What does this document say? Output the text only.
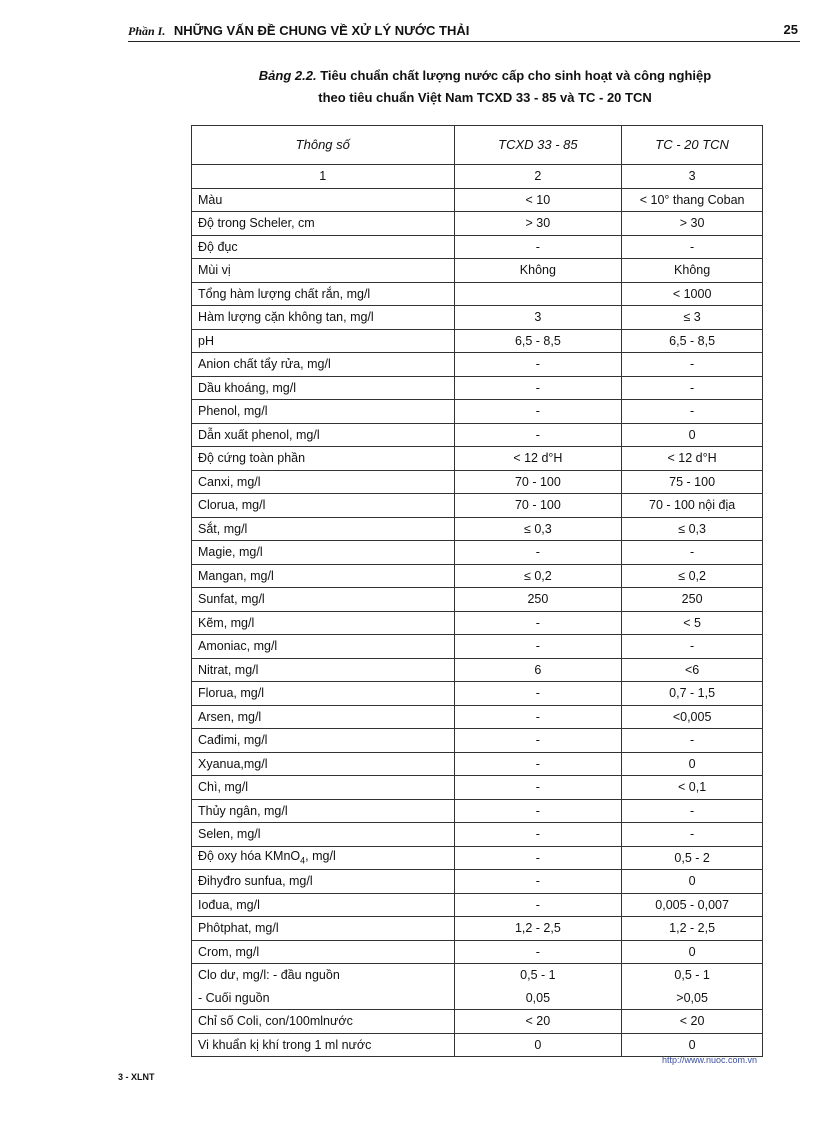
Phần I. NHỮNG VẤN ĐỀ CHUNG VỀ XỬ LÝ NƯỚC THẢI	25
Bảng 2.2. Tiêu chuẩn chất lượng nước cấp cho sinh hoạt và công nghiệp
theo tiêu chuẩn Việt Nam TCXD 33 - 85 và TC - 20 TCN
Thông số	TCXD 33 - 85	TC - 20 TCN
1	2	3
Màu	< 10	< 10° thang Coban
Độ trong Scheler, cm	> 30	> 30
Độ đục	-	-
Mùi vị	Không	Không
Tổng hàm lượng chất rắn, mg/l		< 1000
Hàm lượng cặn không tan, mg/l	3	≤ 3
pH	6,5 - 8,5	6,5 - 8,5
Anion chất tẩy rửa, mg/l	-	-
Dầu khoáng, mg/l	-	-
Phenol, mg/l	-	-
Dẫn xuất phenol, mg/l	-	0
Độ cứng toàn phần	< 12 d°H	< 12 d°H
Canxi, mg/l	70 - 100	75 - 100
Clorua, mg/l	70 - 100	70 - 100 nội địa
Sắt, mg/l	≤ 0,3	≤ 0,3
Magie, mg/l	-	-
Mangan, mg/l	≤ 0,2	≤ 0,2
Sunfat, mg/l	250	250
Kẽm, mg/l	-	< 5
Amoniac, mg/l	-	-
Nitrat, mg/l	6	<6
Florua, mg/l	-	0,7 - 1,5
Arsen, mg/l	-	<0,005
Cađimi, mg/l	-	-
Xyanua,mg/l	-	0
Chì, mg/l	-	< 0,1
Thủy ngân, mg/l	-	-
Selen, mg/l	-	-
Độ oxy hóa KMnO$_4$, mg/l	-	0,5 - 2
Đihyđro sunfua, mg/l	-	0
Iođua, mg/l	-	0,005 - 0,007
Phôtphat, mg/l	1,2 - 2,5	1,2 - 2,5
Crom, mg/l	-	0
Clo dư, mg/l: - đầu nguồn	0,5 - 1	0,5 - 1
- Cuối nguồn	0,05	>0,05
Chỉ số Coli, con/100mlnước	< 20	< 20
Vi khuẩn kị khí trong 1 ml nước	0	0
http://www.nuoc.com.vn
3 - XLNT
